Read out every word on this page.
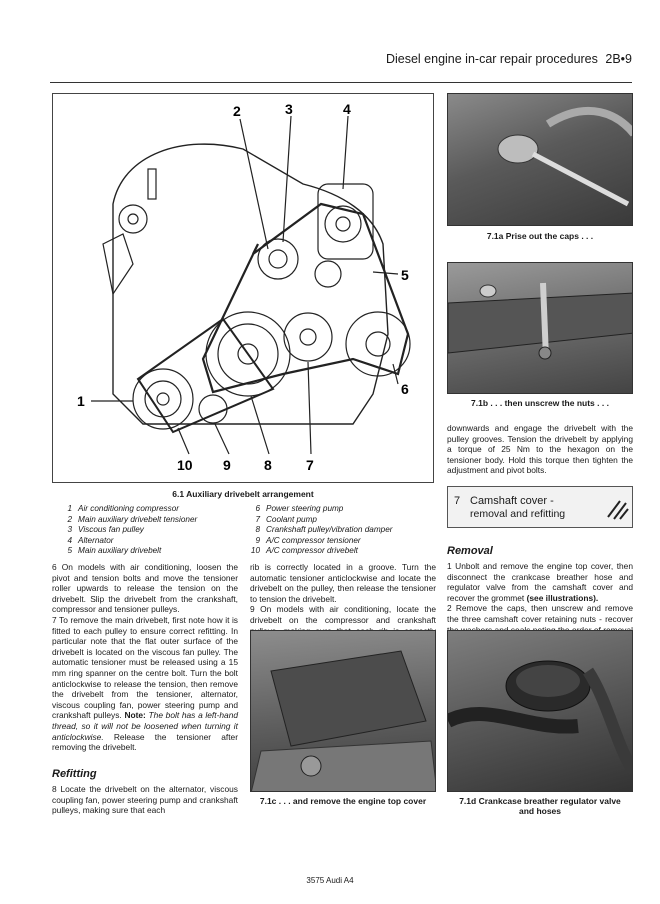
Diesel engine in-car repair procedures 2B•9
2	3	4
5
6
7
8
9
10
1
6.1 Auxiliary drivebelt arrangement
1 Air conditioning compressor
2 Main auxiliary drivebelt tensioner
3 Viscous fan pulley
4 Alternator
5 Main auxiliary drivebelt
6 Power steering pump
7 Coolant pump
8 Crankshaft pulley/vibration damper
9 A/C compressor tensioner
10 A/C compressor drivebelt
7.1a Prise out the caps . . .
7.1b . . . then unscrew the nuts . . .

downwards and engage the drivebelt with the pulley grooves. Tension the drivebelt by applying a torque of 25 Nm to the hexagon on the tensioner body. Hold this torque then tighten the adjustment and pivot bolts.

7 Camshaft cover -
removal and refitting
Removal

1 Unbolt and remove the engine top cover, then disconnect the crankcase breather hose and regulator valve from the camshaft cover and recover the grommet (see illustrations).

2 Remove the caps, then unscrew and remove the three camshaft cover retaining nuts - recover

6 On models with air conditioning, loosen the pivot and tension bolts and move the tensioner roller upwards to release the tension on the drivebelt. Slip the drivebelt from the crankshaft, compressor and tensioner pulleys.

7 To remove the main drivebelt, first note how it is fitted to each pulley to ensure correct refitting. In particular note that the flat outer surface of the drivebelt is located on the viscous fan pulley. The automatic tensioner must be released using a 15 mm ring spanner on the centre bolt. Turn the bolt anticlockwise to release the tension, then remove the drivebelt from the tensioner, alternator, viscous coupling fan, power steering pump and crankshaft pulleys. Note: The bolt has a left-hand thread, so it will not be loosened when turning it anticlockwise. Release the tensioner after removing the drivebelt.

Refitting

8 Locate the drivebelt on the alternator, viscous coupling fan, power steering pump and crankshaft pulleys, making sure that each

rib is correctly located in a groove. Turn the automatic tensioner anticlockwise and locate the drivebelt on the pulley, then release the tensioner to tension the drivebelt.

9 On models with air conditioning, locate the drivebelt on the compressor and crankshaft

7.1c . . . and remove the engine top cover	7.1d Crankcase breather regulator valve
and hoses
3575 Audi A4
